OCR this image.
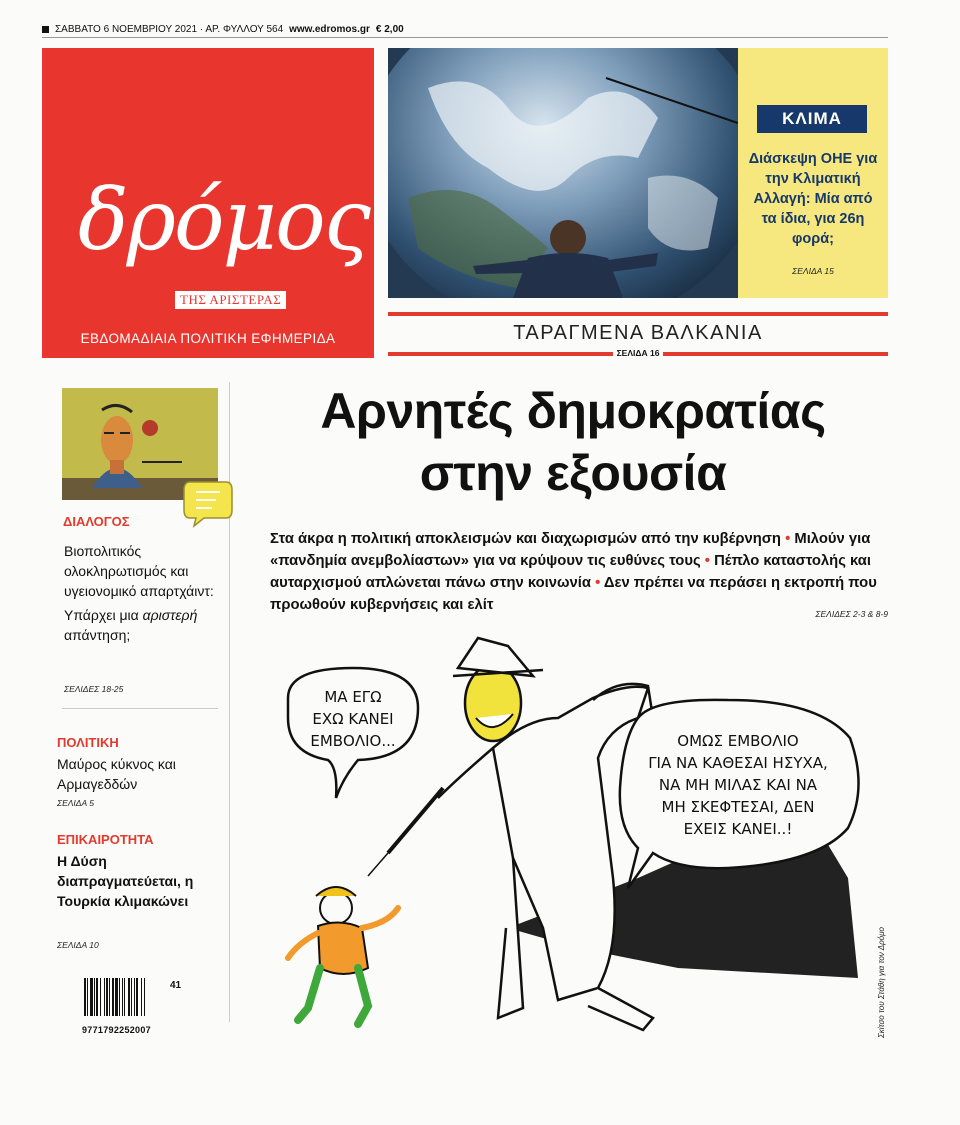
ΣΑΒΒΑΤΟ 6 ΝΟΕΜΒΡΙΟΥ 2021 · ΑΡ. ΦΥΛΛΟΥ 564 www.edromos.gr € 2,00
δρόμος
ΤΗΣ ΑΡΙΣΤΕΡΑΣ
ΕΒΔΟΜΑΔΙΑΙΑ ΠΟΛΙΤΙΚΗ ΕΦΗΜΕΡΙΔΑ
ΚΛΙΜΑ
Διάσκεψη ΟΗΕ για την Κλιματική Αλλαγή: Μία από τα ίδια, για 26η φορά;
ΣΕΛΙΔΑ 15
ΤΑΡΑΓΜΕΝΑ ΒΑΛΚΑΝΙΑ
ΣΕΛΙΔΑ 16
ΔΙΑΛΟΓΟΣ
Βιοπολιτικός ολοκληρωτισμός και υγειονομικό απαρτχάιντ:
Υπάρχει μια αριστερή απάντηση;
ΣΕΛΙΔΕΣ 18-25
ΠΟΛΙΤΙΚΗ
Μαύρος κύκνος και Αρμαγεδδών
ΣΕΛΙΔΑ 5
ΕΠΙΚΑΙΡΟΤΗΤΑ
Η Δύση διαπραγματεύεται, η Τουρκία κλιμακώνει
ΣΕΛΙΔΑ 10
9771792252007
41
Αρνητές δημοκρατίας
στην εξουσία
Στα άκρα η πολιτική αποκλεισμών και διαχωρισμών από την κυβέρνηση • Μιλούν για «πανδημία ανεμβολίαστων» για να κρύψουν τις ευθύνες τους • Πέπλο καταστολής και αυταρχισμού απλώνεται πάνω στην κοινωνία • Δεν πρέπει να περάσει η εκτροπή που προωθούν κυβερνήσεις και ελίτ
ΣΕΛΙΔΕΣ 2-3 & 8-9
ΜΑ ΕΓΩ ΕΧΩ ΚΑΝΕΙ ΕΜΒΟΛΙΟ...	ΟΜΩΣ ΕΜΒΟΛΙΟ ΓΙΑ ΝΑ ΚΑΘΕΣΑΙ ΗΣΥΧΑ, ΝΑ ΜΗ ΜΙΛΑΣ ΚΑΙ ΝΑ ΜΗ ΣΚΕΦΤΕΣΑΙ, ΔΕΝ ΕΧΕΙΣ ΚΑΝΕΙ..!
Σκίτσο του Στάθη για τον Δρόμο
